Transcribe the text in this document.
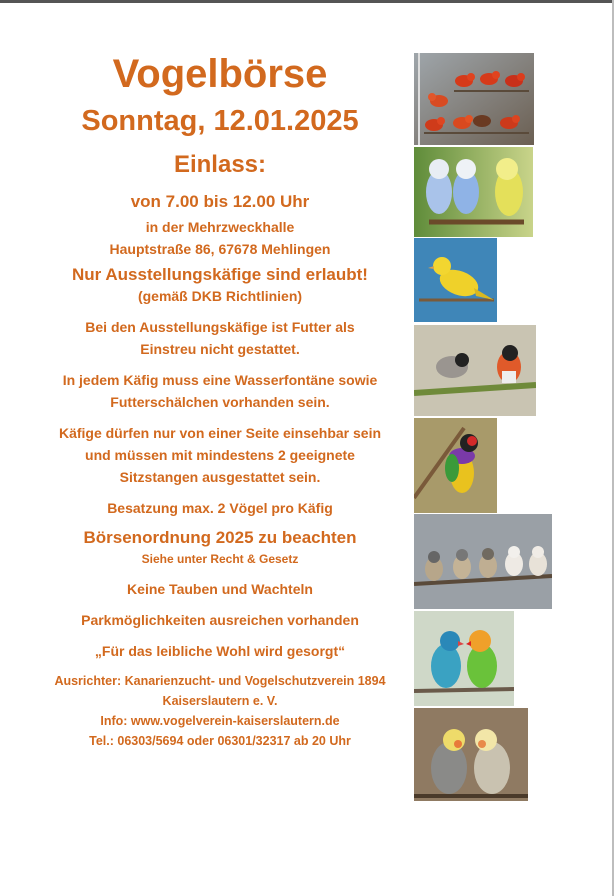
Vogelbörse
Sonntag, 12.01.2025
Einlass:
von 7.00 bis 12.00 Uhr
in der Mehrzweckhalle
Hauptstraße 86, 67678 Mehlingen
Nur Ausstellungskäfige sind erlaubt!
(gemäß DKB Richtlinien)
Bei den Ausstellungskäfige ist Futter als
Einstreu nicht gestattet.
In jedem Käfig muss eine Wasserfontäne sowie
Futterschälchen vorhanden sein.
Käfige dürfen nur von einer Seite einsehbar sein
und müssen mit mindestens 2 geeignete
Sitzstangen ausgestattet sein.
Besatzung max. 2 Vögel pro Käfig
Börsenordnung 2025 zu beachten
Siehe unter Recht & Gesetz
Keine Tauben und Wachteln
Parkmöglichkeiten ausreichen vorhanden
„Für das leibliche Wohl wird gesorgt“
Ausrichter: Kanarienzucht- und Vogelschutzverein 1894
Kaiserslautern e. V.
Info: www.vogelverein-kaiserslautern.de
Tel.: 06303/5694 oder 06301/32317 ab 20 Uhr
